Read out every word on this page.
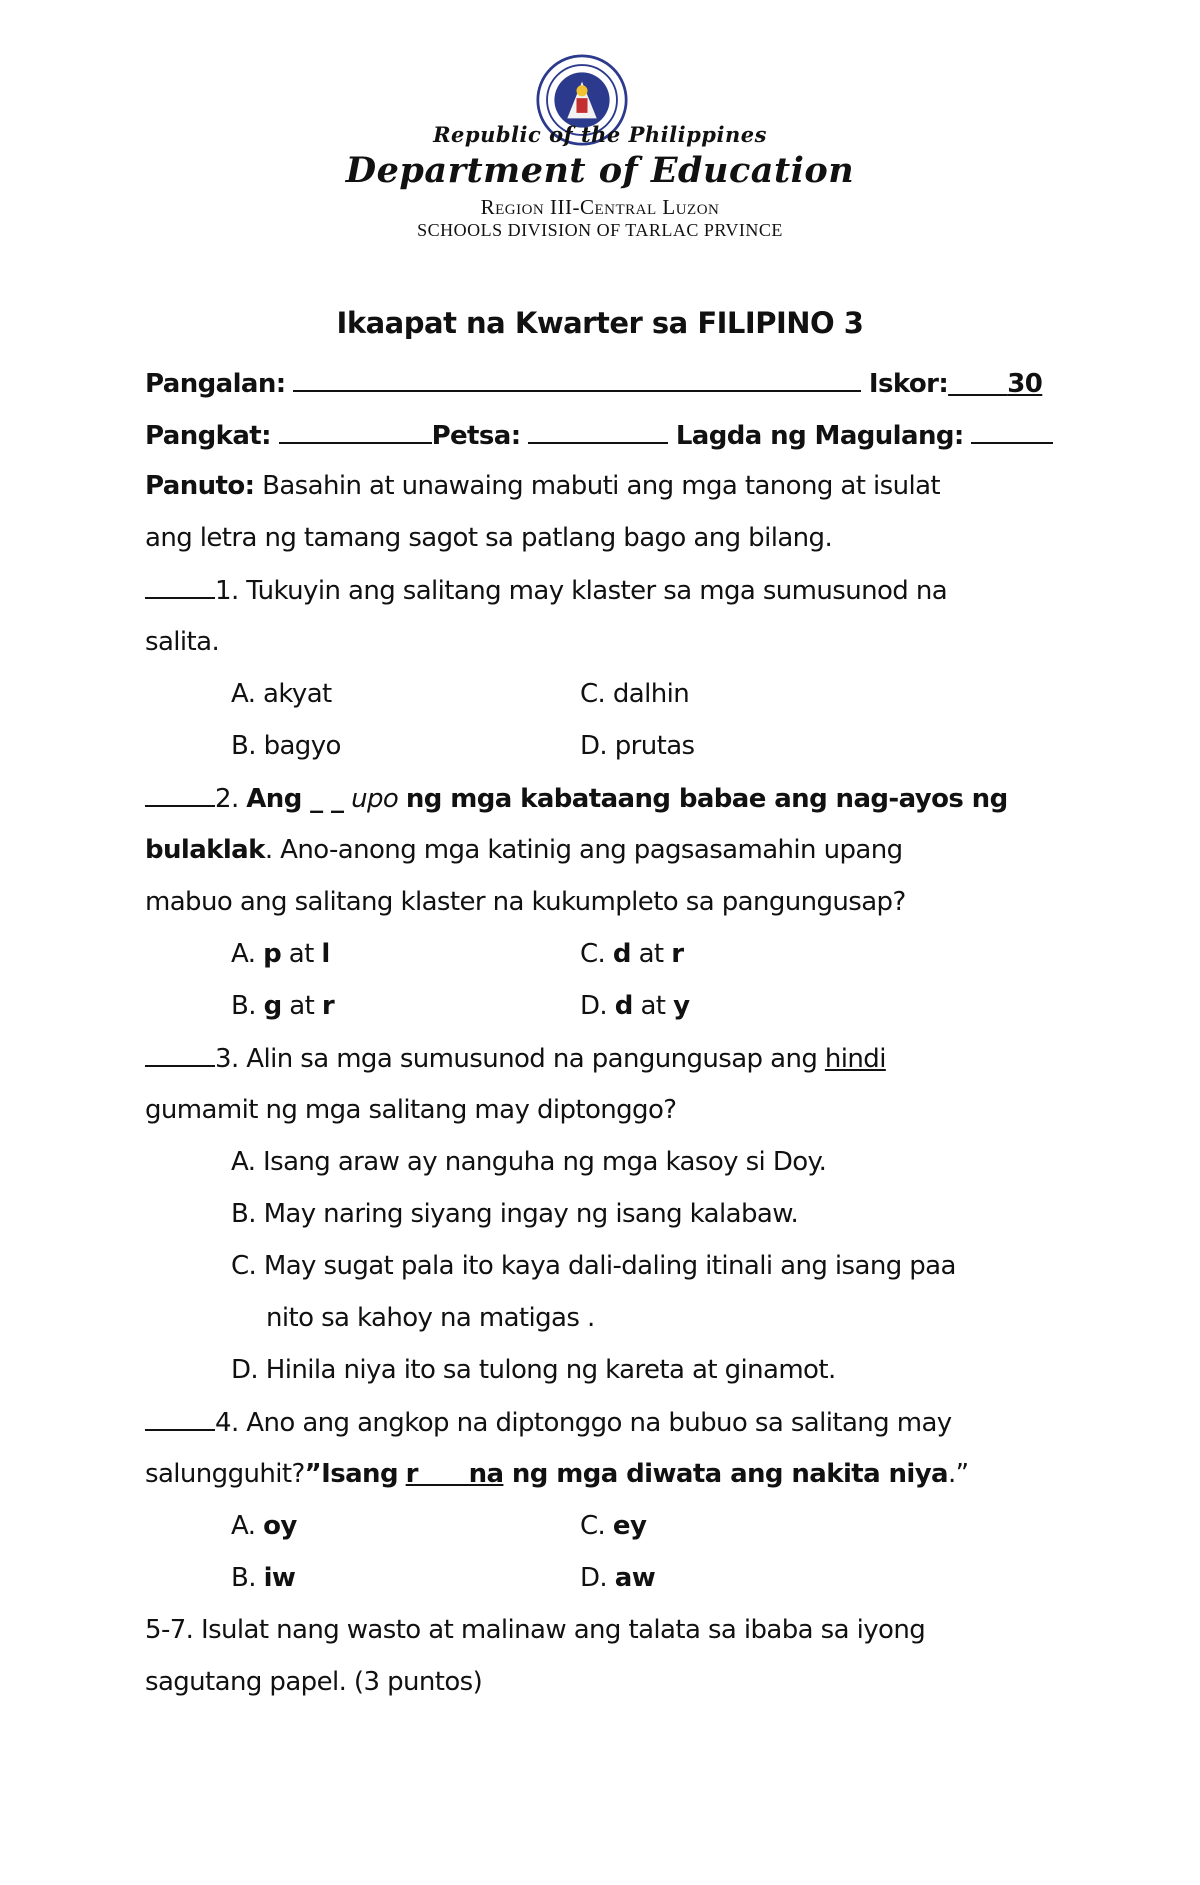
Republic of the Philippines
Department of Education
Region III-Central Luzon
SCHOOLS DIVISION OF TARLAC PRVINCE
Ikaapat na Kwarter sa FILIPINO 3
Pangalan:	Iskor: 30
Pangkat:	Petsa:	Lagda ng Magulang:
Panuto: Basahin at unawaing mabuti ang mga tanong at isulat
ang letra ng tamang sagot sa patlang bago ang bilang.
1. Tukuyin ang salitang may klaster sa mga sumusunod na
salita.
A. akyat	C. dalhin
B. bagyo	D. prutas
2. Ang _ _ upo ng mga kabataang babae ang nag-ayos ng
bulaklak. Ano-anong mga katinig ang pagsasamahin upang
mabuo ang salitang klaster na kukumpleto sa pangungusap?
A. p at l	C. d at r
B. g at r	D. d at y
3. Alin sa mga sumusunod na pangungusap ang hindi
gumamit ng mga salitang may diptonggo?
A. Isang araw ay nanguha ng mga kasoy si Doy.
B. May naring siyang ingay ng isang kalabaw.
C. May sugat pala ito kaya dali-daling itinali ang isang paa
nito sa kahoy na matigas .
D. Hinila niya ito sa tulong ng kareta at ginamot.
4. Ano ang angkop na diptonggo na bubuo sa salitang may
salungguhit?”Isang r      na ng mga diwata ang nakita niya.”
A. oy	C. ey
B. iw	D. aw
5-7. Isulat nang wasto at malinaw ang talata sa ibaba sa iyong
sagutang papel. (3 puntos)
